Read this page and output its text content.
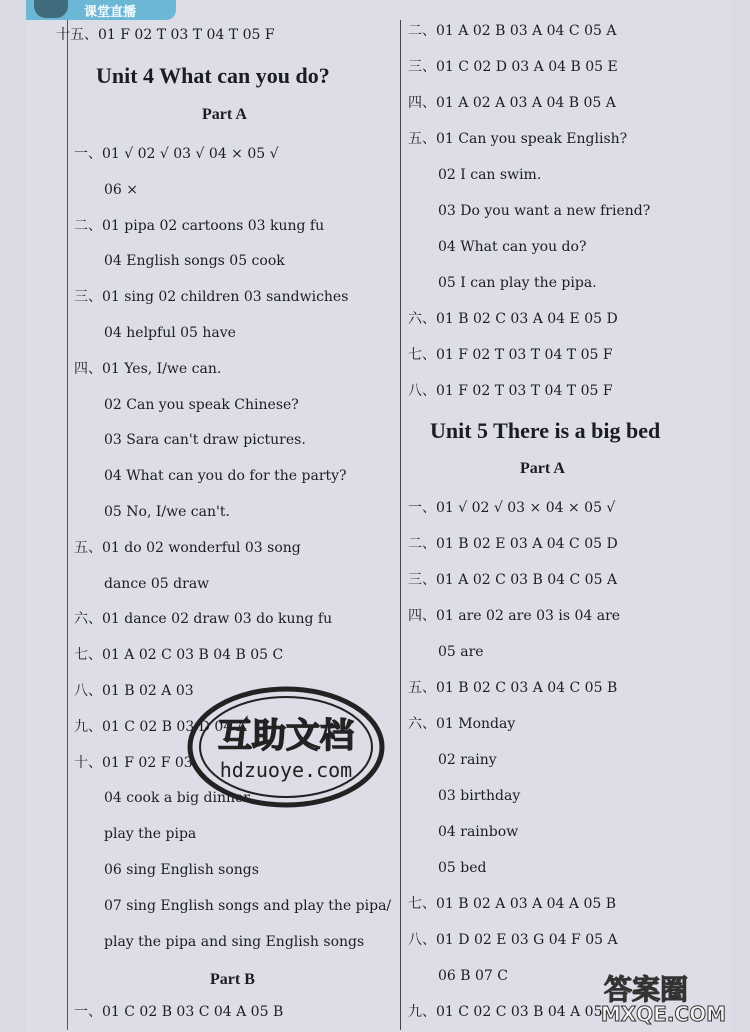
课堂直播
十五、01 F 02 T 03 T 04 T 05 F
Unit 4 What can you do?
Part A
一、01 √ 02 √ 03 √ 04 × 05 √
06 ×
二、01 pipa 02 cartoons 03 kung fu
04 English songs 05 cook
三、01 sing 02 children 03 sandwiches
04 helpful 05 have
四、01 Yes, I/we can.
02 Can you speak Chinese?
03 Sara can't draw pictures.
04 What can you do for the party?
05 No, I/we can't.
五、01 do 02 wonderful 03 song
dance 05 draw
六、01 dance 02 draw 03 do kung fu
七、01 A 02 C 03 B 04 B 05 C
八、01 B 02 A 03
九、01 C 02 B 03 D 04 A
十、01 F 02 F 03
04 cook a big dinner
play the pipa
06 sing English songs
07 sing English songs and play the pipa/
play the pipa and sing English songs
Part B
一、01 C 02 B 03 C 04 A 05 B
二、01 A 02 B 03 A 04 C 05 A
三、01 C 02 D 03 A 04 B 05 E
四、01 A 02 A 03 A 04 B 05 A
五、01 Can you speak English?
02 I can swim.
03 Do you want a new friend?
04 What can you do?
05 I can play the pipa.
六、01 B 02 C 03 A 04 E 05 D
七、01 F 02 T 03 T 04 T 05 F
八、01 F 02 T 03 T 04 T 05 F
Unit 5 There is a big bed
Part A
一、01 √ 02 √ 03 × 04 × 05 √
二、01 B 02 E 03 A 04 C 05 D
三、01 A 02 C 03 B 04 C 05 A
四、01 are 02 are 03 is 04 are
05 are
五、01 B 02 C 03 A 04 C 05 B
六、01 Monday
02 rainy
03 birthday
04 rainbow
05 bed
七、01 B 02 A 03 A 04 A 05 B
八、01 D 02 E 03 G 04 F 05 A
06 B 07 C
九、01 C 02 C 03 B 04 A 05
互助文档
hdzuoye.com
答案圈
MXQE.COM
